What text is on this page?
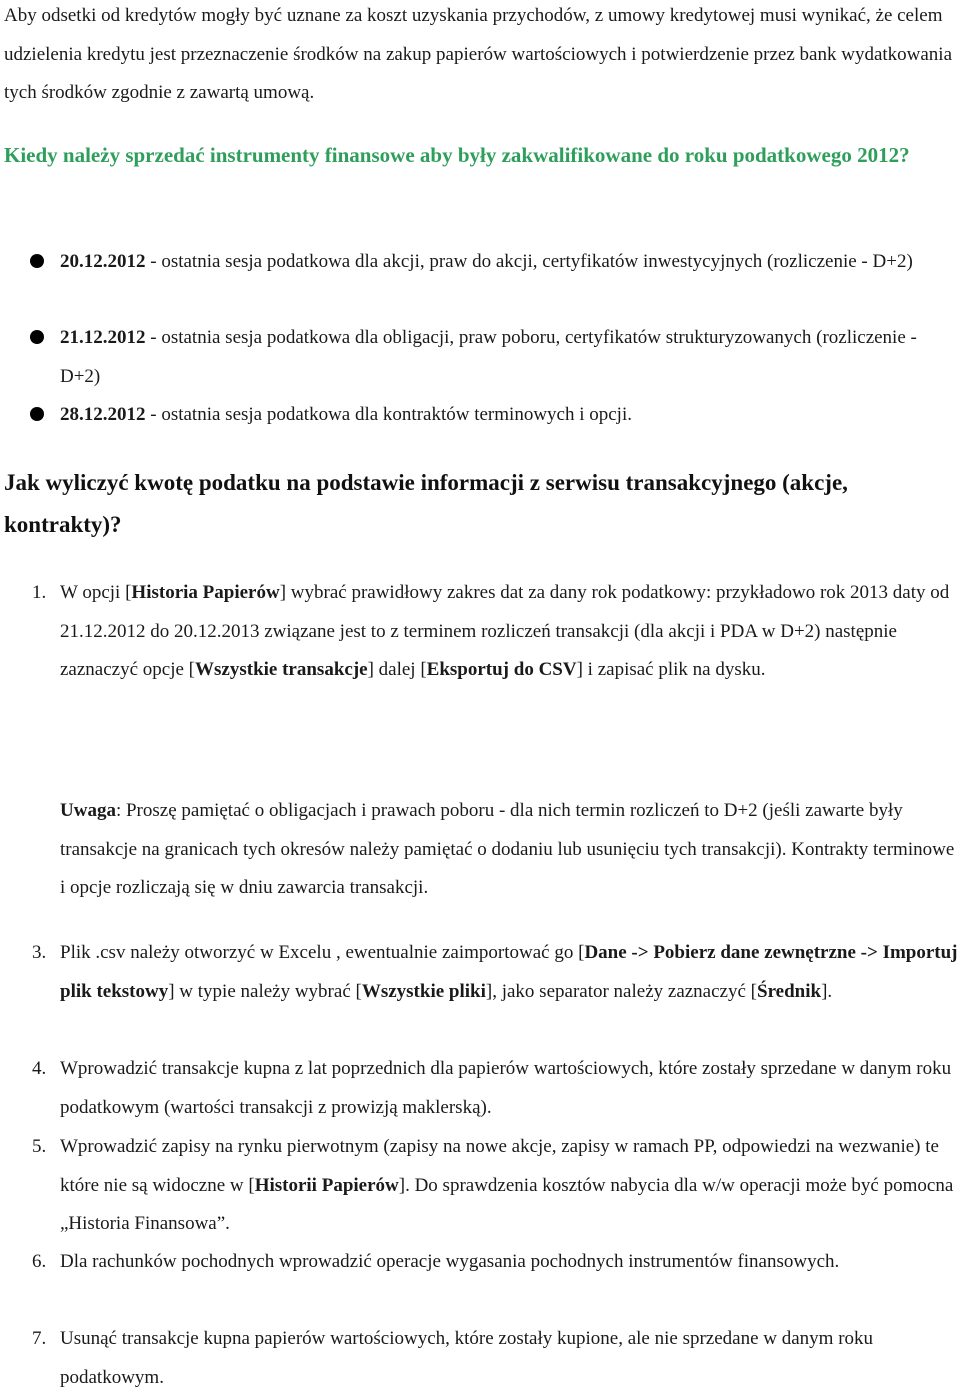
Aby odsetki od kredytów mogły być uznane za koszt uzyskania przychodów, z umowy kredytowej musi wynikać, że celem udzielenia kredytu jest przeznaczenie środków na zakup papierów wartościowych i potwierdzenie przez bank wydatkowania tych środków zgodnie z zawartą umową.

Kiedy należy sprzedać instrumenty finansowe aby były zakwalifikowane do roku podatkowego 2012?

20.12.2012 - ostatnia sesja podatkowa dla akcji, praw do akcji, certyfikatów inwestycyjnych (rozliczenie - D+2)
21.12.2012 - ostatnia sesja podatkowa dla obligacji, praw poboru, certyfikatów strukturyzowanych (rozliczenie - D+2)
28.12.2012 - ostatnia sesja podatkowa dla kontraktów terminowych i opcji.

Jak wyliczyć kwotę podatku na podstawie informacji z serwisu transakcyjnego (akcje, kontrakty)?

1. W opcji [Historia Papierów] wybrać prawidłowy zakres dat za dany rok podatkowy: przykładowo rok 2013 daty od 21.12.2012 do 20.12.2013 związane jest to z terminem rozliczeń transakcji (dla akcji i PDA w D+2) następnie zaznaczyć opcje [Wszystkie transakcje] dalej [Eksportuj do CSV] i zapisać plik na dysku.
Uwaga: Proszę pamiętać o obligacjach i prawach poboru - dla nich termin rozliczeń to D+2 (jeśli zawarte były transakcje na granicach tych okresów należy pamiętać o dodaniu lub usunięciu tych transakcji). Kontrakty terminowe i opcje rozliczają się w dniu zawarcia transakcji.
3. Plik .csv należy otworzyć w Excelu , ewentualnie zaimportować go [Dane -> Pobierz dane zewnętrzne -> Importuj plik tekstowy] w typie należy wybrać [Wszystkie pliki], jako separator należy zaznaczyć [Średnik].
4. Wprowadzić transakcje kupna z lat poprzednich dla papierów wartościowych, które zostały sprzedane w danym roku podatkowym (wartości transakcji z prowizją maklerską).
5. Wprowadzić zapisy na rynku pierwotnym (zapisy na nowe akcje, zapisy w ramach PP, odpowiedzi na wezwanie) te które nie są widoczne w [Historii Papierów]. Do sprawdzenia kosztów nabycia dla w/w operacji może być pomocna „Historia Finansowa”.
6. Dla rachunków pochodnych wprowadzić operacje wygasania pochodnych instrumentów finansowych.
7. Usunąć transakcje kupna papierów wartościowych, które zostały kupione, ale nie sprzedane w danym roku podatkowym.
